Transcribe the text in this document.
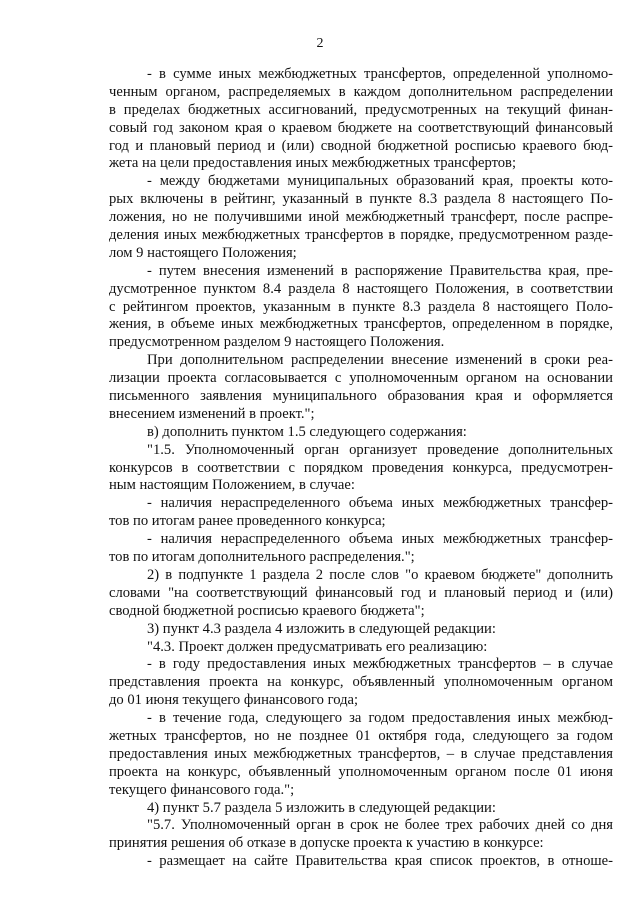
2
- в сумме иных межбюджетных трансфертов, определенной уполномо-
ченным органом, распределяемых в каждом дополнительном распределении
в пределах бюджетных ассигнований, предусмотренных на текущий финан-
совый год законом края о краевом бюджете на соответствующий финансовый
год и плановый период и (или) сводной бюджетной росписью краевого бюд-
жета на цели предоставления иных межбюджетных трансфертов;
- между бюджетами муниципальных образований края, проекты кото-
рых включены в рейтинг, указанный в пункте 8.3 раздела 8 настоящего По-
ложения, но не получившими иной межбюджетный трансферт, после распре-
деления иных межбюджетных трансфертов в порядке, предусмотренном разде-
лом 9 настоящего Положения;
- путем внесения изменений в распоряжение Правительства края, пре-
дусмотренное пунктом 8.4 раздела 8 настоящего Положения, в соответствии
с рейтингом проектов, указанным в пункте 8.3 раздела 8 настоящего Поло-
жения, в объеме иных межбюджетных трансфертов, определенном в порядке,
предусмотренном разделом 9 настоящего Положения.
При дополнительном распределении внесение изменений в сроки реа-
лизации проекта согласовывается с уполномоченным органом на основании
письменного заявления муниципального образования края и оформляется
внесением изменений в проект.";
в) дополнить пунктом 1.5 следующего содержания:
"1.5. Уполномоченный орган организует проведение дополнительных
конкурсов в соответствии с порядком проведения конкурса, предусмотрен-
ным настоящим Положением, в случае:
- наличия нераспределенного объема иных межбюджетных трансфер-
тов по итогам ранее проведенного конкурса;
- наличия нераспределенного объема иных межбюджетных трансфер-
тов по итогам дополнительного распределения.";
2) в подпункте 1 раздела 2 после слов "о краевом бюджете" дополнить
словами "на соответствующий финансовый год и плановый период и (или)
сводной бюджетной росписью краевого бюджета";
3) пункт 4.3 раздела 4 изложить в следующей редакции:
"4.3. Проект должен предусматривать его реализацию:
- в году предоставления иных межбюджетных трансфертов – в случае
представления проекта на конкурс, объявленный уполномоченным органом
до 01 июня текущего финансового года;
- в течение года, следующего за годом предоставления иных межбюд-
жетных трансфертов, но не позднее 01 октября года, следующего за годом
предоставления иных межбюджетных трансфертов, – в случае представления
проекта на конкурс, объявленный уполномоченным органом после 01 июня
текущего финансового года.";
4) пункт 5.7 раздела 5 изложить в следующей редакции:
"5.7. Уполномоченный орган в срок не более трех рабочих дней со дня
принятия решения об отказе в допуске проекта к участию в конкурсе:
- размещает на сайте Правительства края список проектов, в отноше-
